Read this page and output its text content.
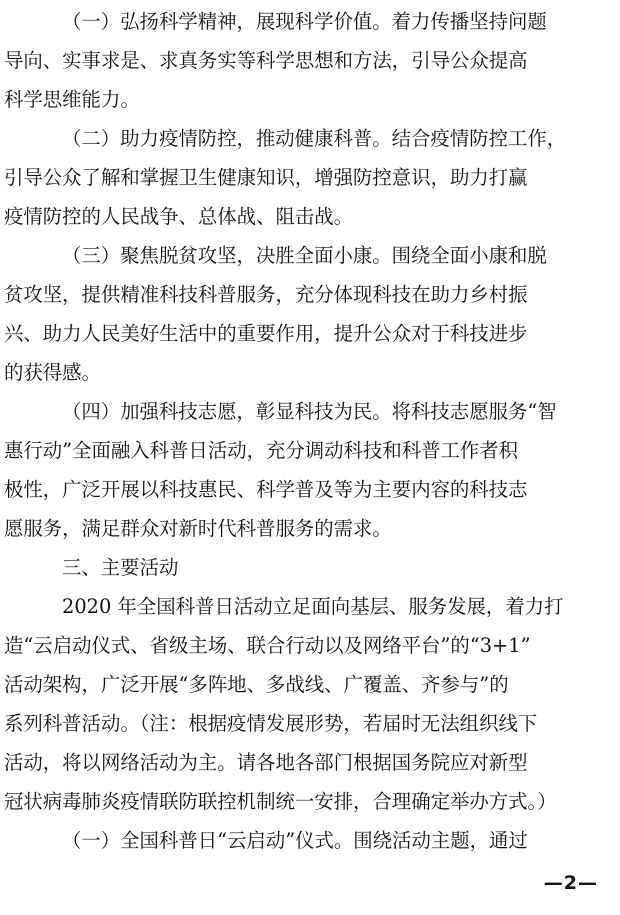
（一）弘扬科学精神，展现科学价值。着力传播坚持问题
导向、实事求是、求真务实等科学思想和方法，引导公众提高
科学思维能力。
（二）助力疫情防控，推动健康科普。结合疫情防控工作，
引导公众了解和掌握卫生健康知识，增强防控意识，助力打赢
疫情防控的人民战争、总体战、阻击战。
（三）聚焦脱贫攻坚，决胜全面小康。围绕全面小康和脱
贫攻坚，提供精准科技科普服务，充分体现科技在助力乡村振
兴、助力人民美好生活中的重要作用，提升公众对于科技进步
的获得感。
（四）加强科技志愿，彰显科技为民。将科技志愿服务“智
惠行动”全面融入科普日活动，充分调动科技和科普工作者积
极性，广泛开展以科技惠民、科学普及等为主要内容的科技志
愿服务，满足群众对新时代科普服务的需求。
三、主要活动
2020 年全国科普日活动立足面向基层、服务发展，着力打
造“云启动仪式、省级主场、联合行动以及网络平台”的“3+1”
活动架构，广泛开展“多阵地、多战线、广覆盖、齐参与”的
系列科普活动。（注：根据疫情发展形势，若届时无法组织线下
活动，将以网络活动为主。请各地各部门根据国务院应对新型
冠状病毒肺炎疫情联防联控机制统一安排，合理确定举办方式。）
（一）全国科普日“云启动”仪式。围绕活动主题，通过
—2—
